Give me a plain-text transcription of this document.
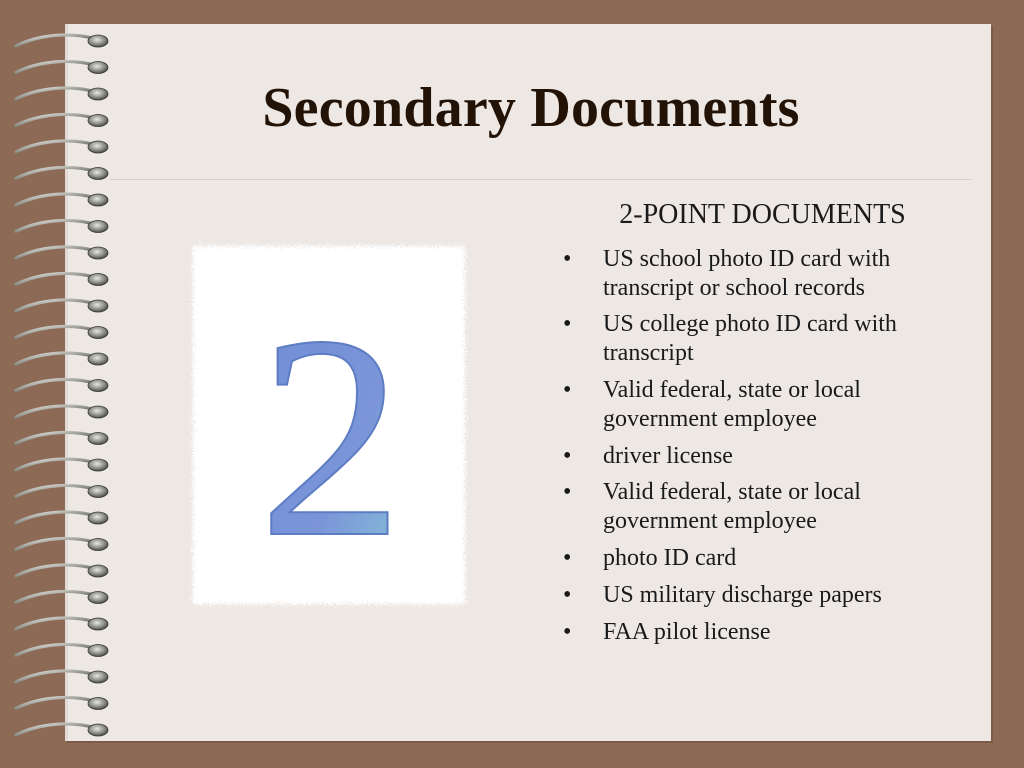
Secondary Documents
2
2-POINT DOCUMENTS
• US school photo ID card with transcript or school records
• US college photo ID card with transcript
• Valid federal, state or local government employee
• driver license
• Valid federal, state or local government employee
• photo ID card
• US military discharge papers
• FAA pilot license
